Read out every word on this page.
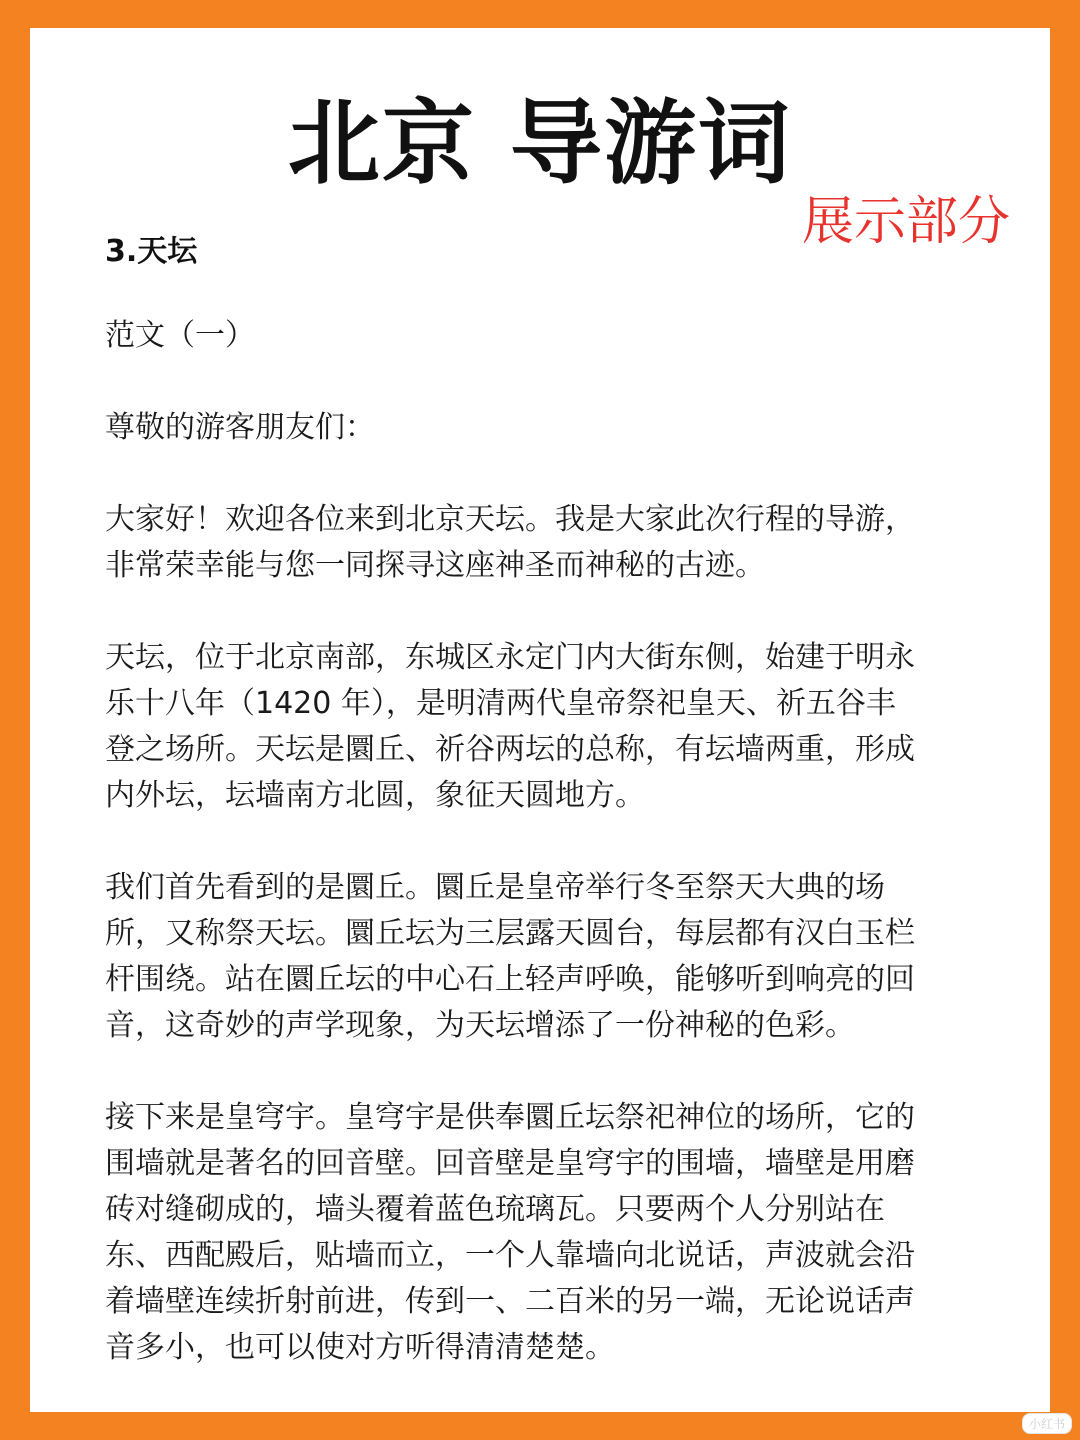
北京 导游词
展示部分
3.天坛

范文（一）

尊敬的游客朋友们：

大家好！欢迎各位来到北京天坛。我是大家此次行程的导游，
非常荣幸能与您一同探寻这座神圣而神秘的古迹。

天坛，位于北京南部，东城区永定门内大街东侧，始建于明永
乐十八年（1420 年），是明清两代皇帝祭祀皇天、祈五谷丰
登之场所。天坛是圜丘、祈谷两坛的总称，有坛墙两重，形成
内外坛，坛墙南方北圆，象征天圆地方。

我们首先看到的是圜丘。圜丘是皇帝举行冬至祭天大典的场
所，又称祭天坛。圜丘坛为三层露天圆台，每层都有汉白玉栏
杆围绕。站在圜丘坛的中心石上轻声呼唤，能够听到响亮的回
音，这奇妙的声学现象，为天坛增添了一份神秘的色彩。

接下来是皇穹宇。皇穹宇是供奉圜丘坛祭祀神位的场所，它的
围墙就是著名的回音壁。回音壁是皇穹宇的围墙，墙壁是用磨
砖对缝砌成的，墙头覆着蓝色琉璃瓦。只要两个人分别站在
东、西配殿后，贴墙而立，一个人靠墙向北说话，声波就会沿
着墙壁连续折射前进，传到一、二百米的另一端，无论说话声
音多小，也可以使对方听得清清楚楚。

小红书
